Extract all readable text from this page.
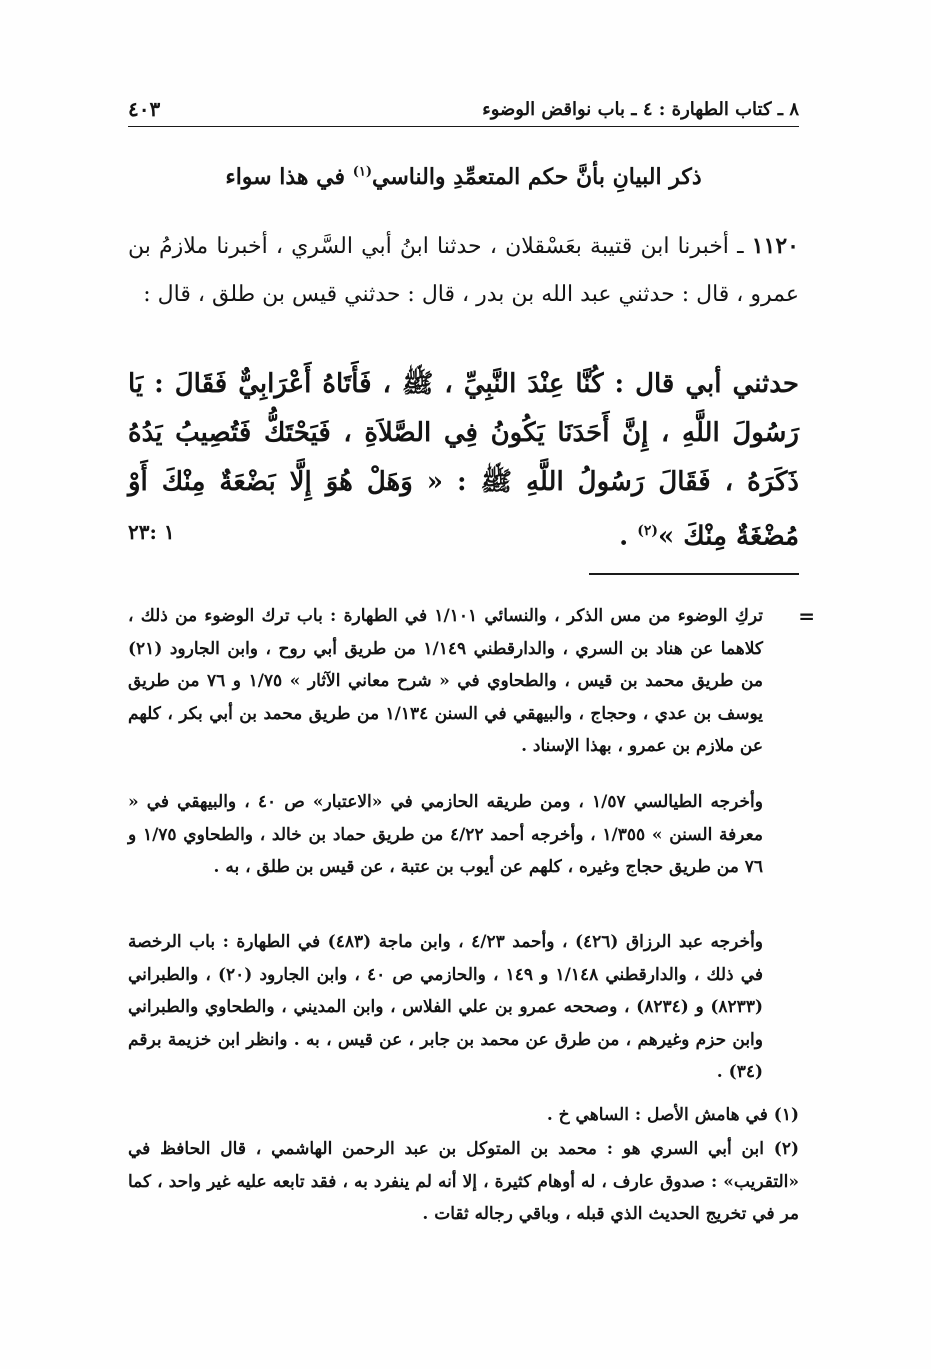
٨ ـ كتاب الطهارة : ٤ ـ باب نواقض الوضوء
٤٠٣
ذكر البيانِ بأنَّ حكم المتعمِّدِ والناسي$^{(١)}$ في هذا سواء

١١٢٠ ـ أخبرنا ابن قتيبة بعَسْقلان ، حدثنا ابنُ أبي السَّري ، أخبرنا ملازمُ بن عمرو ، قال : حدثني عبد الله بن بدر ، قال : حدثني قيس بن طلق ، قال :

حدثني أبي قال : كُنَّا عِنْدَ النَّبِيِّ ، ﷺ ، فَأَتَاهُ أَعْرَابِيٌّ فَقَالَ : يَا رَسُولَ اللَّهِ ، إِنَّ أَحَدَنَا يَكُونُ فِي الصَّلاَةِ ، فَيَحْتَكُّ فَتُصِيبُ يَدُهُ ذَكَرَهُ ، فَقَالَ رَسُولُ اللَّهِ ﷺ : « وَهَلْ هُوَ إِلَّا بَضْعَةٌ مِنْكَ أَوْ مُضْغَةٌ مِنْكَ »$^{(٢)}$ .

١ :٢٣
=

تركِ الوضوء من مس الذكر ، والنسائي ١/١٠١ في الطهارة : باب ترك الوضوء من ذلك ، كلاهما عن هناد بن السري ، والدارقطني ١/١٤٩ من طريق أبي روح ، وابن الجارود (٢١) من طريق محمد بن قيس ، والطحاوي في « شرح معاني الآثار » ١/٧٥ و ٧٦ من طريق يوسف بن عدي ، وحجاج ، والبيهقي في السنن ١/١٣٤ من طريق محمد بن أبي بكر ، كلهم عن ملازم بن عمرو ، بهذا الإسناد .

وأخرجه الطيالسي ١/٥٧ ، ومن طريقه الحازمي في «الاعتبار» ص ٤٠ ، والبيهقي في « معرفة السنن » ١/٣٥٥ ، وأخرجه أحمد ٤/٢٢ من طريق حماد بن خالد ، والطحاوي ١/٧٥ و ٧٦ من طريق حجاج وغيره ، كلهم عن أيوب بن عتبة ، عن قيس بن طلق ، به .

وأخرجه عبد الرزاق (٤٢٦) ، وأحمد ٤/٢٣ ، وابن ماجة (٤٨٣) في الطهارة : باب الرخصة في ذلك ، والدارقطني ١/١٤٨ و ١٤٩ ، والحازمي ص ٤٠ ، وابن الجارود (٢٠) ، والطبراني (٨٢٣٣) و (٨٢٣٤) ، وصححه عمرو بن علي الفلاس ، وابن المديني ، والطحاوي والطبراني وابن حزم وغيرهم ، من طرق عن محمد بن جابر ، عن قيس ، به . وانظر ابن خزيمة برقم (٣٤) .

(١) في هامش الأصل : الساهي خ .

(٢) ابن أبي السري هو : محمد بن المتوكل بن عبد الرحمن الهاشمي ، قال الحافظ في «التقريب» : صدوق عارف ، له أوهام كثيرة ، إلا أنه لم ينفرد به ، فقد تابعه عليه غير واحد ، كما مر في تخريج الحديث الذي قبله ، وباقي رجاله ثقات .
